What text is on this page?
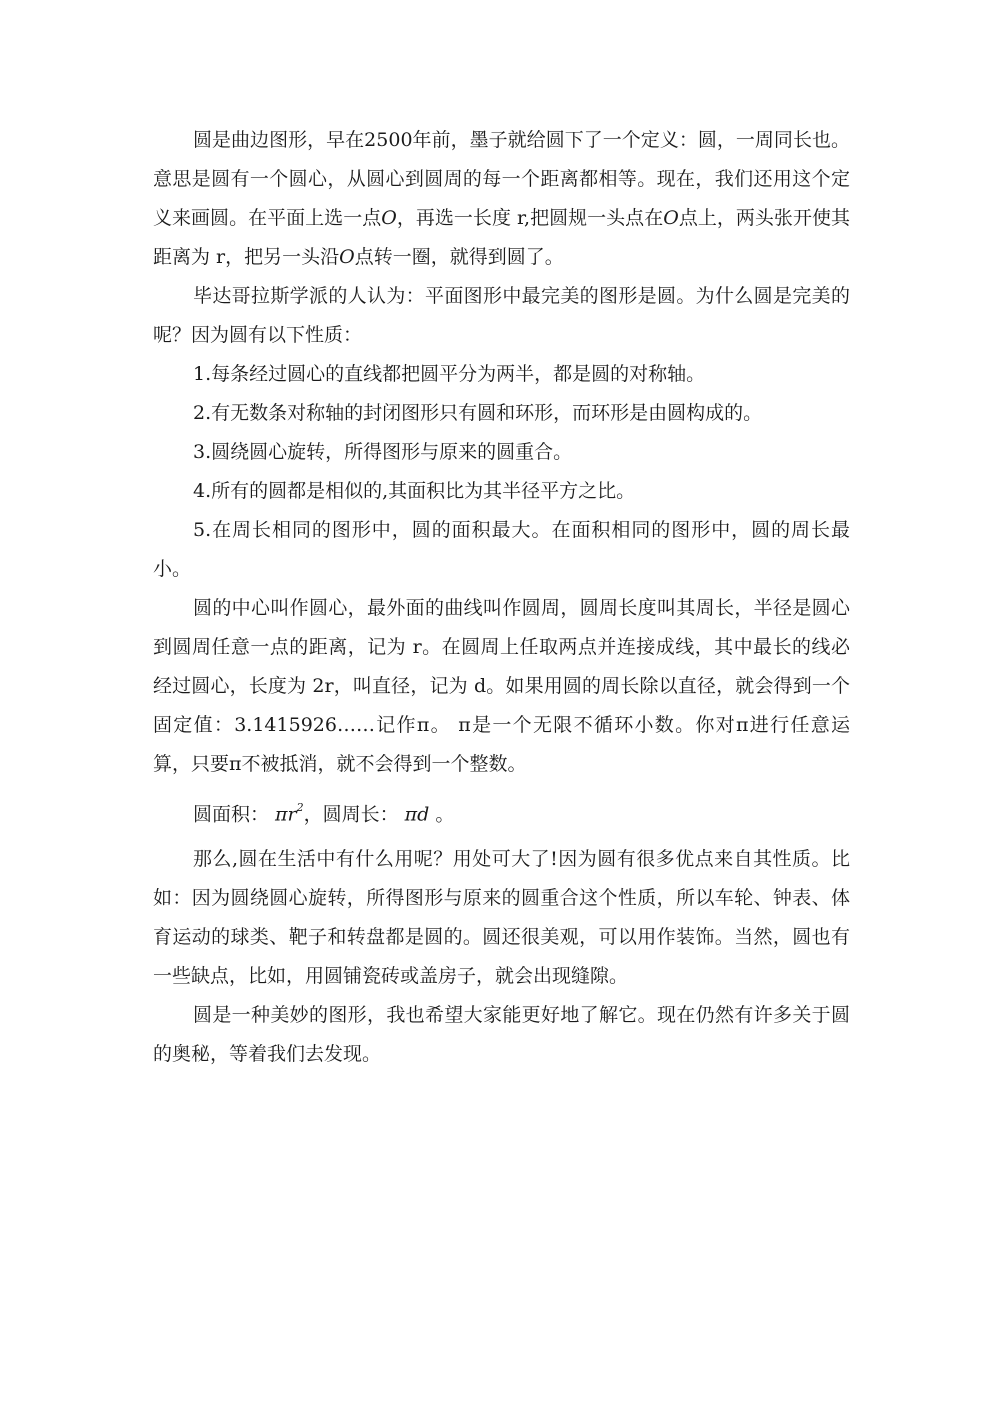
圆是曲边图形，早在2500年前，墨子就给圆下了一个定义：圆，一周同长也。意思是圆有一个圆心，从圆心到圆周的每一个距离都相等。现在，我们还用这个定义来画圆。在平面上选一点O，再选一长度 r,把圆规一头点在O点上，两头张开使其距离为 r，把另一头沿O点转一圈，就得到圆了。

毕达哥拉斯学派的人认为：平面图形中最完美的图形是圆。为什么圆是完美的呢？因为圆有以下性质：

1.每条经过圆心的直线都把圆平分为两半，都是圆的对称轴。

2.有无数条对称轴的封闭图形只有圆和环形，而环形是由圆构成的。

3.圆绕圆心旋转，所得图形与原来的圆重合。

4.所有的圆都是相似的,其面积比为其半径平方之比。

5.在周长相同的图形中，圆的面积最大。在面积相同的图形中，圆的周长最小。

圆的中心叫作圆心，最外面的曲线叫作圆周，圆周长度叫其周长，半径是圆心到圆周任意一点的距离，记为 r。在圆周上任取两点并连接成线，其中最长的线必经过圆心，长度为 2r，叫直径，记为 d。如果用圆的周长除以直径，就会得到一个固定值：3.1415926……记作π。 π是一个无限不循环小数。你对π进行任意运算，只要π不被抵消，就不会得到一个整数。

圆面积： $\pi r^2$，圆周长： πd 。

那么,圆在生活中有什么用呢？用处可大了!因为圆有很多优点来自其性质。比如：因为圆绕圆心旋转，所得图形与原来的圆重合这个性质，所以车轮、钟表、体育运动的球类、靶子和转盘都是圆的。圆还很美观，可以用作装饰。当然，圆也有一些缺点，比如，用圆铺瓷砖或盖房子，就会出现缝隙。

圆是一种美妙的图形，我也希望大家能更好地了解它。现在仍然有许多关于圆的奥秘，等着我们去发现。
